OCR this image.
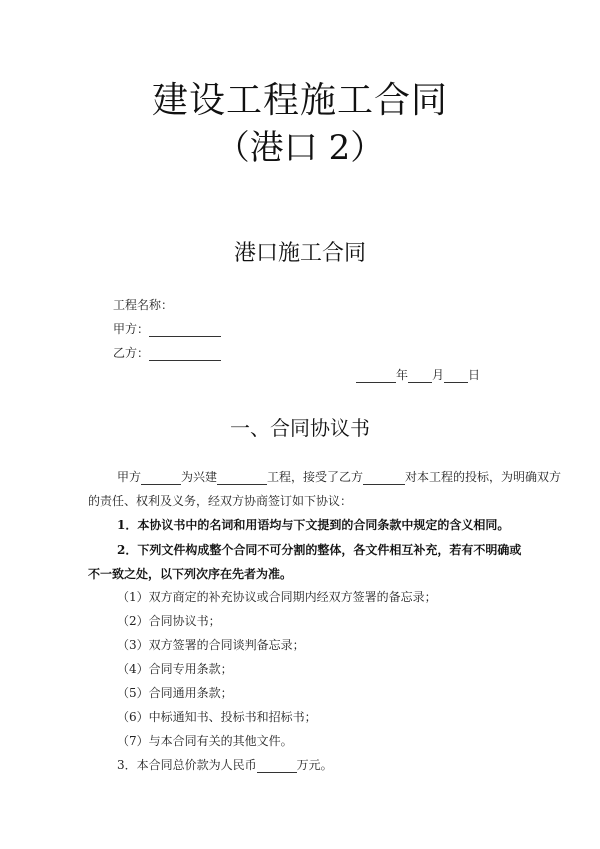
建设工程施工合同
（港口 2）
港口施工合同
工程名称：
甲方：
乙方：
年 月 日
一、合同协议书
甲方	为兴建	工程，接受了乙方	对本工程的投标，为明确双方
的责任、权利及义务，经双方协商签订如下协议：
1．本协议书中的名词和用语均与下文提到的合同条款中规定的含义相同。
2．下列文件构成整个合同不可分割的整体，各文件相互补充，若有不明确或
不一致之处，以下列次序在先者为准。
（1）双方商定的补充协议或合同期内经双方签署的备忘录；
（2）合同协议书；
（3）双方签署的合同谈判备忘录；
（4）合同专用条款；
（5）合同通用条款；
（6）中标通知书、投标书和招标书；
（7）与本合同有关的其他文件。
3．本合同总价款为人民币	万元。
